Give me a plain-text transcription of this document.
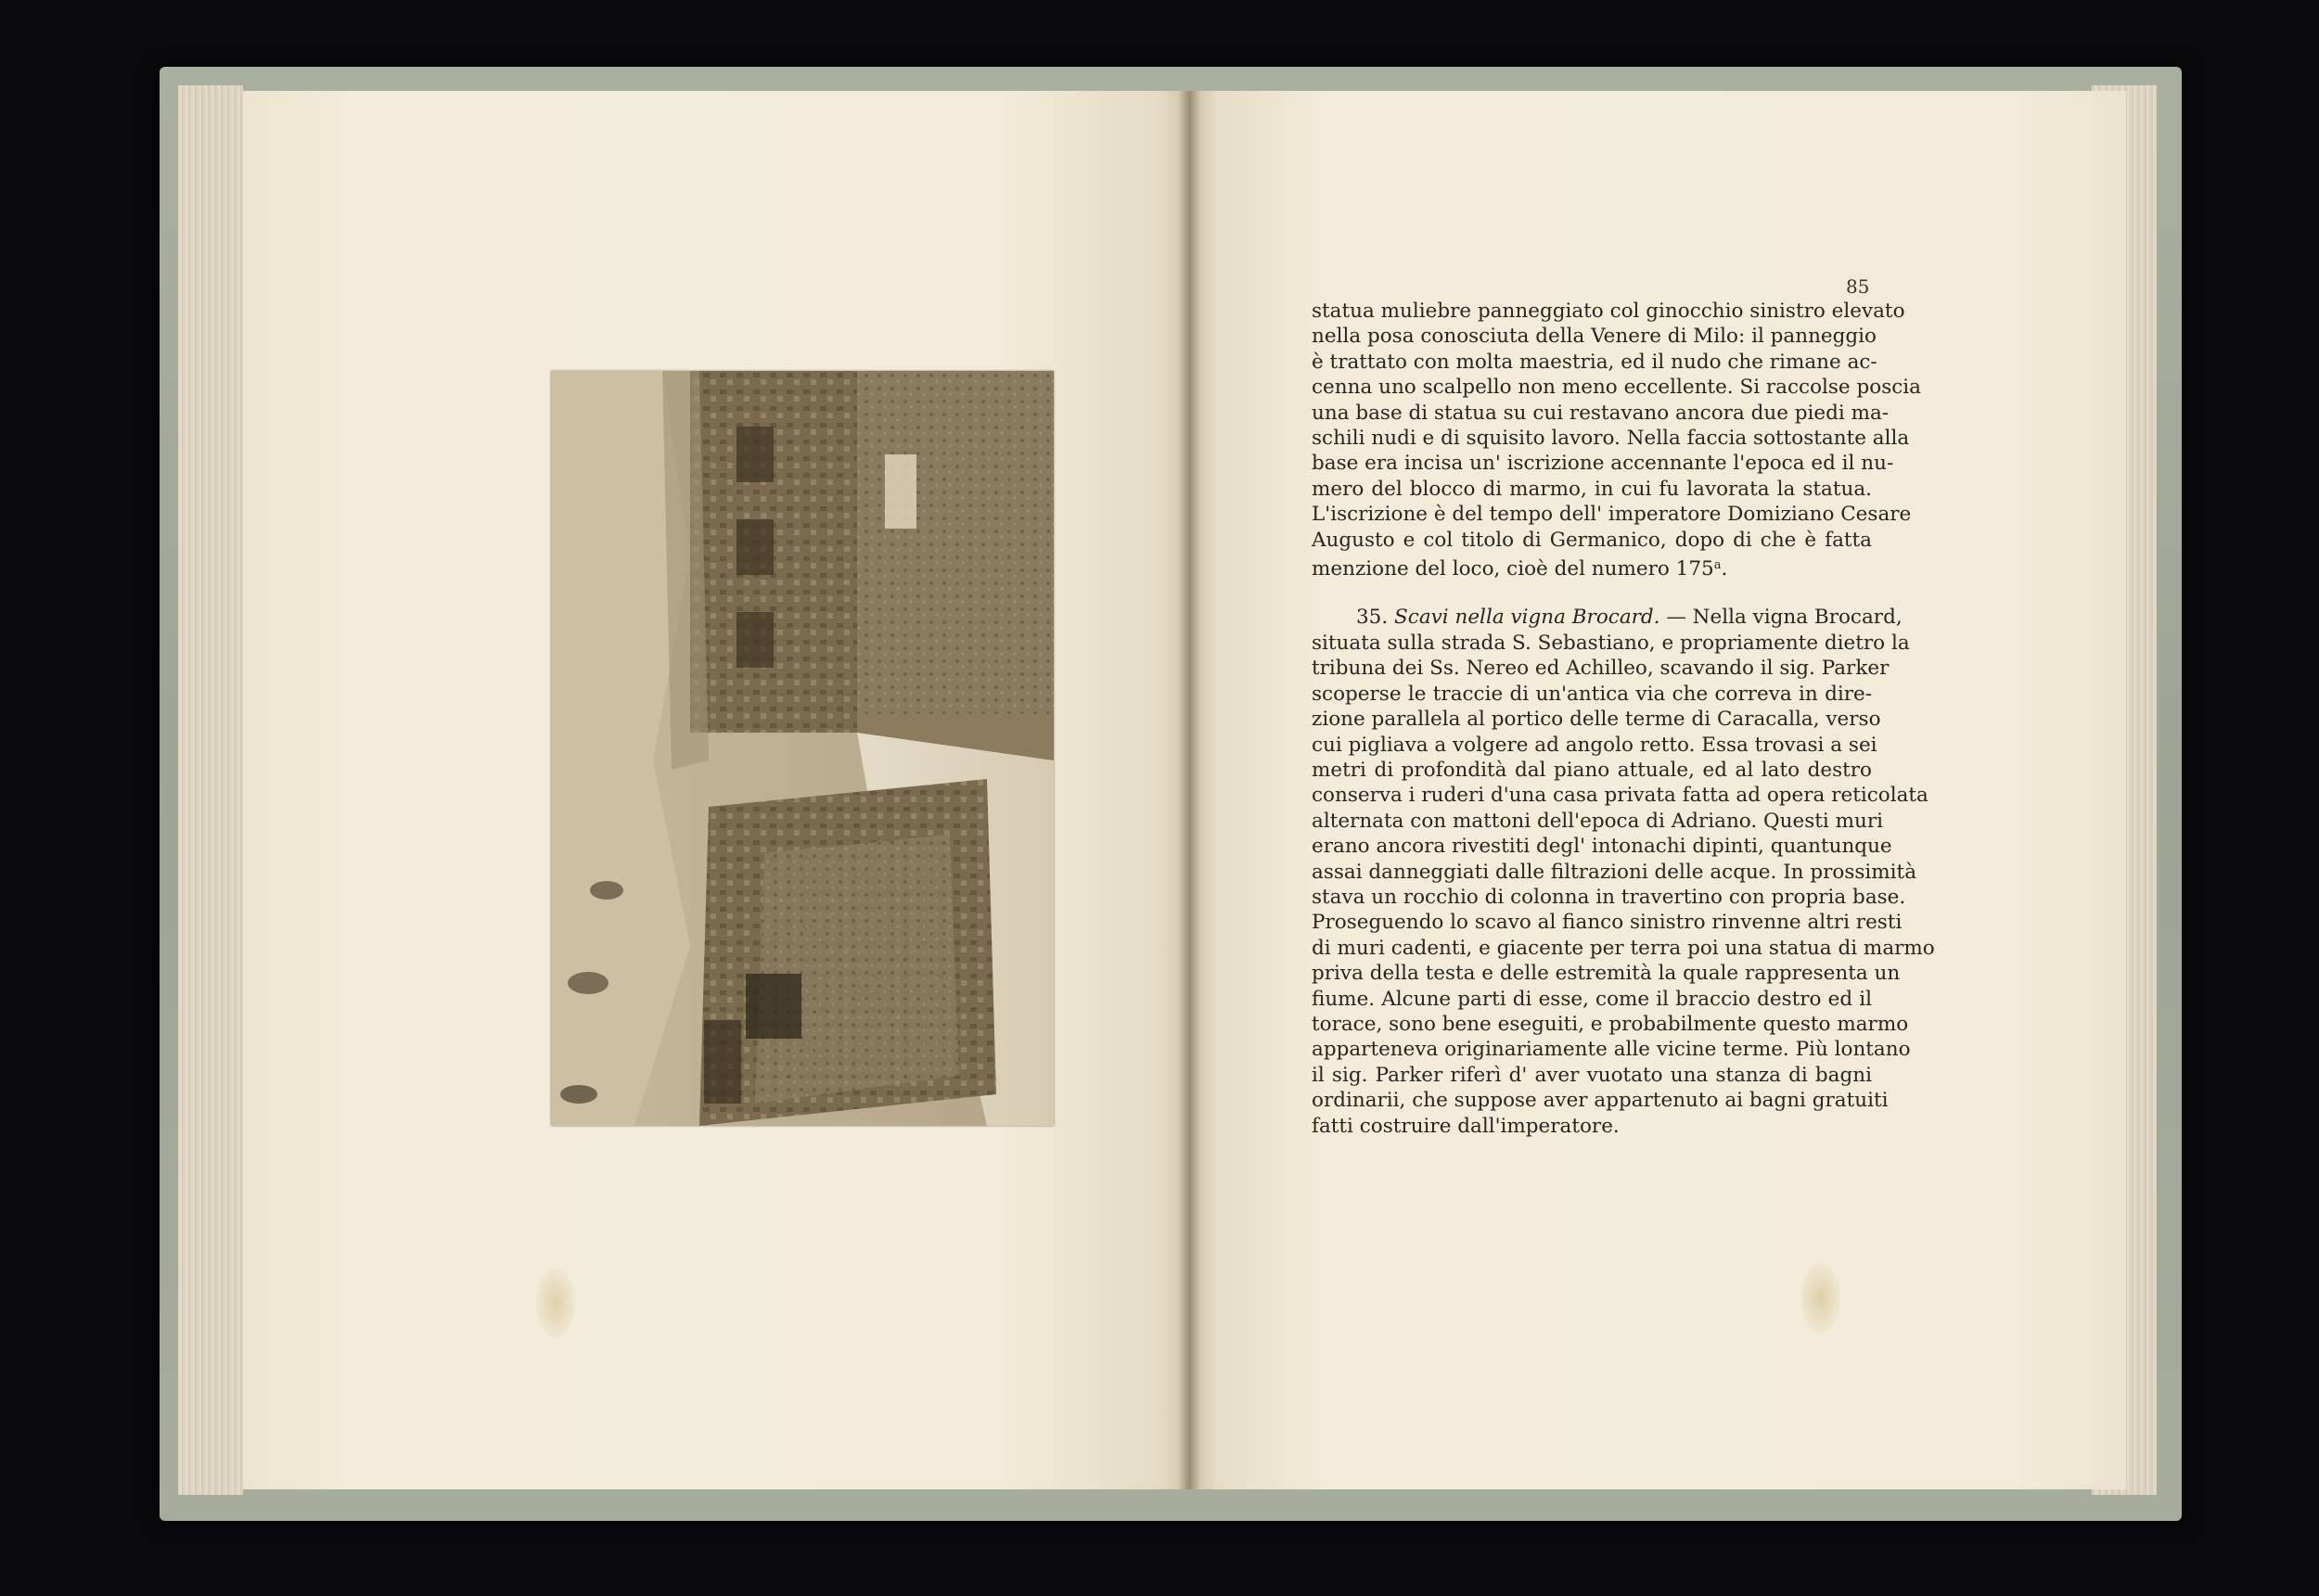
85
statua muliebre panneggiato col ginocchio sinistro elevato
nella posa conosciuta della Venere di Milo: il panneggio
è trattato con molta maestria, ed il nudo che rimane ac-
cenna uno scalpello non meno eccellente. Si raccolse poscia
una base di statua su cui restavano ancora due piedi ma-
schili nudi e di squisito lavoro. Nella faccia sottostante alla
base era incisa un' iscrizione accennante l'epoca ed il nu-
mero del blocco di marmo, in cui fu lavorata la statua.
L'iscrizione è del tempo dell' imperatore Domiziano Cesare
Augusto e col titolo di Germanico, dopo di che è fatta
menzione del loco, cioè del numero 175$^a$.
35. Scavi nella vigna Brocard. — Nella vigna Brocard,
situata sulla strada S. Sebastiano, e propriamente dietro la
tribuna dei Ss. Nereo ed Achilleo, scavando il sig. Parker
scoperse le traccie di un'antica via che correva in dire-
zione parallela al portico delle terme di Caracalla, verso
cui pigliava a volgere ad angolo retto. Essa trovasi a sei
metri di profondità dal piano attuale, ed al lato destro
conserva i ruderi d'una casa privata fatta ad opera reticolata
alternata con mattoni dell'epoca di Adriano. Questi muri
erano ancora rivestiti degl' intonachi dipinti, quantunque
assai danneggiati dalle filtrazioni delle acque. In prossimità
stava un rocchio di colonna in travertino con propria base.
Proseguendo lo scavo al fianco sinistro rinvenne altri resti
di muri cadenti, e giacente per terra poi una statua di marmo
priva della testa e delle estremità la quale rappresenta un
fiume. Alcune parti di esse, come il braccio destro ed il
torace, sono bene eseguiti, e probabilmente questo marmo
apparteneva originariamente alle vicine terme. Più lontano
il sig. Parker riferì d' aver vuotato una stanza di bagni
ordinarii, che suppose aver appartenuto ai bagni gratuiti
fatti costruire dall'imperatore.
